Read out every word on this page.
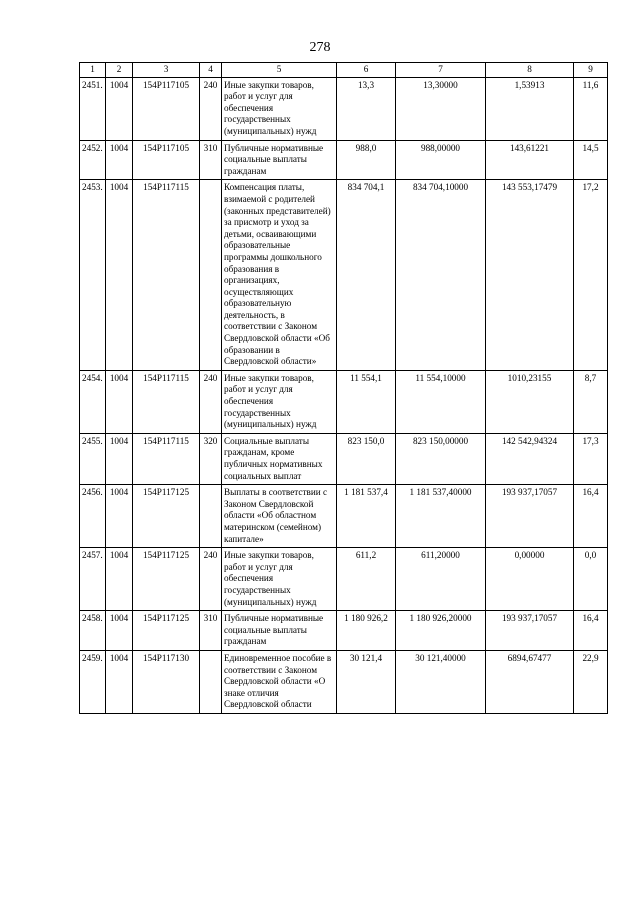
278
1	2	3	4	5	6	7	8	9
2451.	1004	154P117105	240	Иные закупки товаров, работ и услуг для обеспечения государственных (муниципальных) нужд	13,3	13,30000	1,53913	11,6
2452.	1004	154P117105	310	Публичные нормативные социальные выплаты гражданам	988,0	988,00000	143,61221	14,5
2453.	1004	154P117115		Компенсация платы, взимаемой с родителей (законных представителей) за присмотр и уход за детьми, осваивающими образовательные программы дошкольного образования в организациях, осуществляющих образовательную деятельность, в соответствии с Законом Свердловской области «Об образовании в Свердловской области»	834 704,1	834 704,10000	143 553,17479	17,2
2454.	1004	154P117115	240	Иные закупки товаров, работ и услуг для обеспечения государственных (муниципальных) нужд	11 554,1	11 554,10000	1010,23155	8,7
2455.	1004	154P117115	320	Социальные выплаты гражданам, кроме публичных нормативных социальных выплат	823 150,0	823 150,00000	142 542,94324	17,3
2456.	1004	154P117125		Выплаты в соответствии с Законом Свердловской области «Об областном материнском (семейном) капитале»	1 181 537,4	1 181 537,40000	193 937,17057	16,4
2457.	1004	154P117125	240	Иные закупки товаров, работ и услуг для обеспечения государственных (муниципальных) нужд	611,2	611,20000	0,00000	0,0
2458.	1004	154P117125	310	Публичные нормативные социальные выплаты гражданам	1 180 926,2	1 180 926,20000	193 937,17057	16,4
2459.	1004	154P117130		Единовременное пособие в соответствии с Законом Свердловской области «О знаке отличия Свердловской области	30 121,4	30 121,40000	6894,67477	22,9
